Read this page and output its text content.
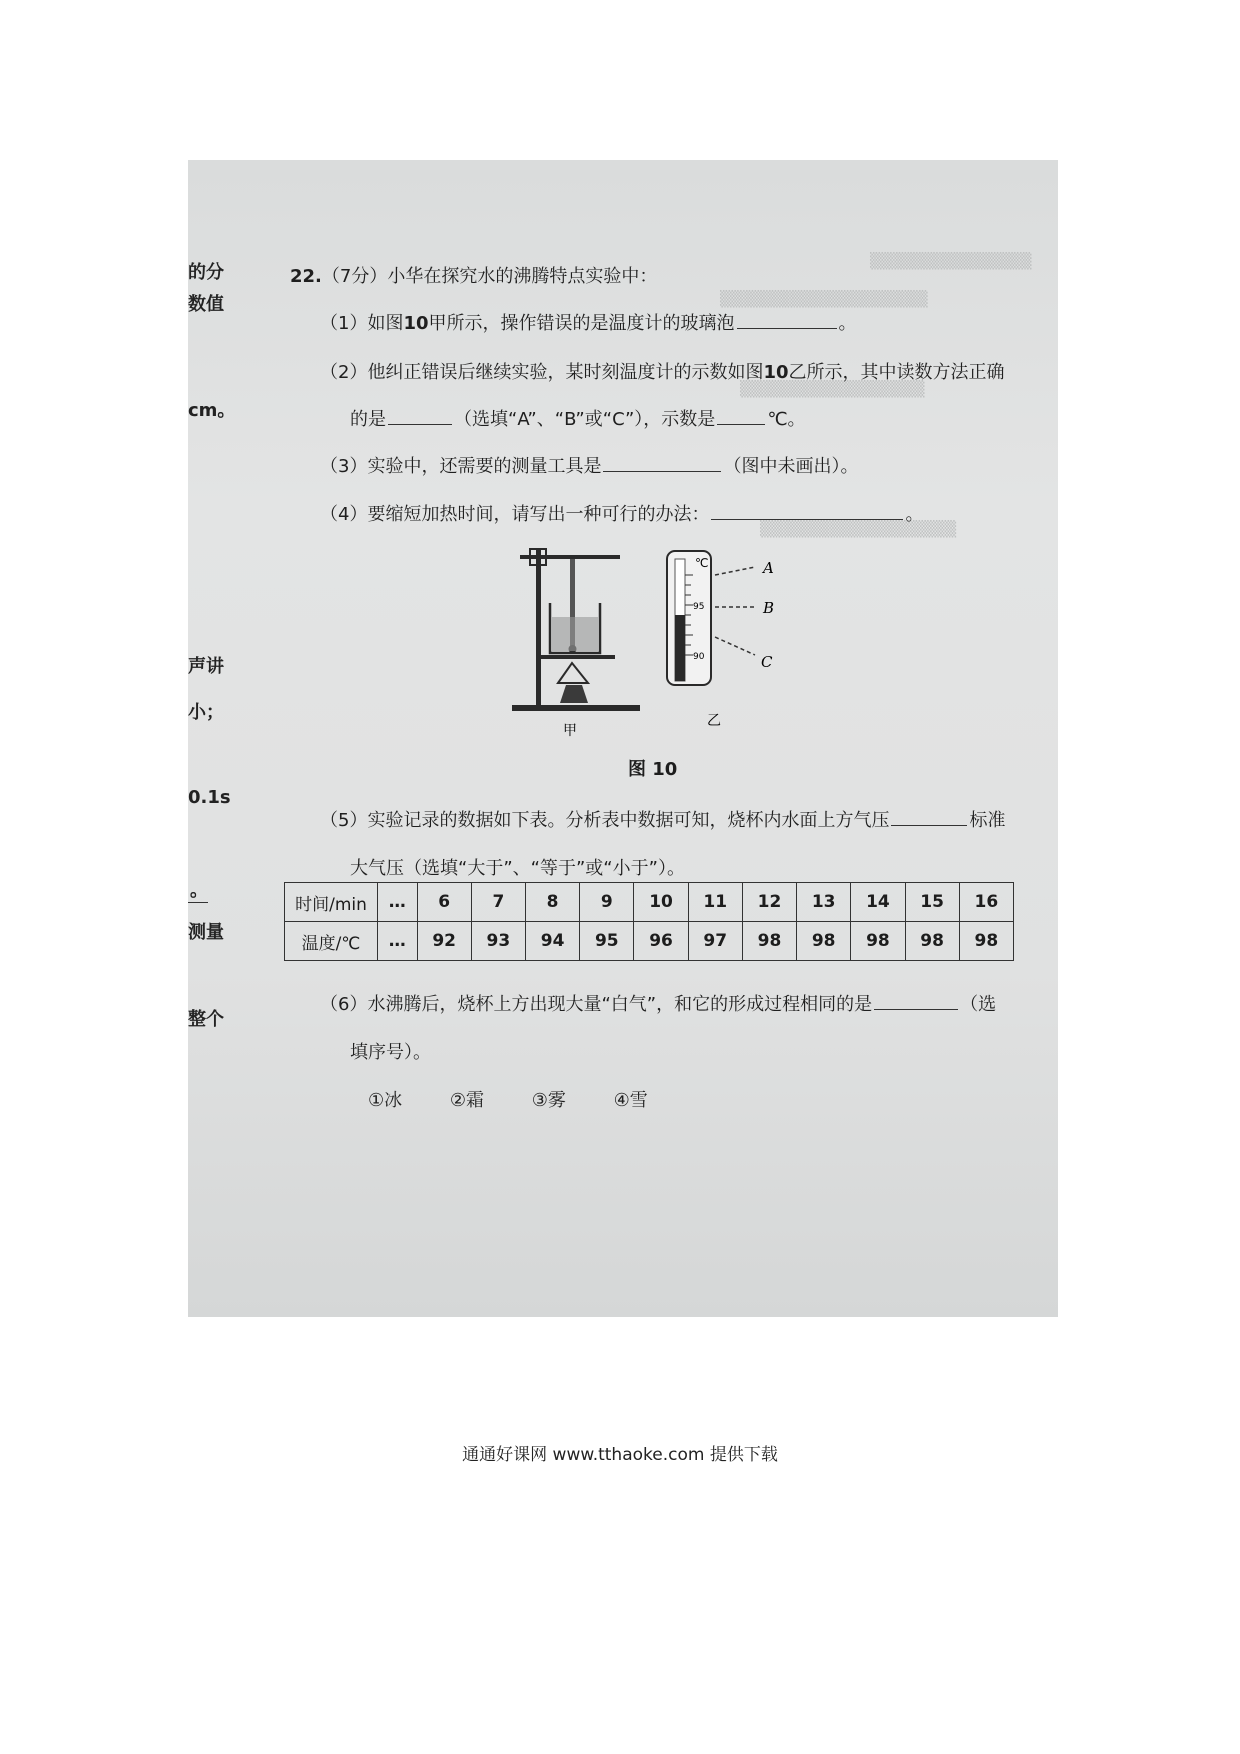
▒▒▒▒▒▒▒▒▒▒▒▒▒▒
▒▒▒▒▒▒▒▒▒▒▒▒▒▒▒▒▒▒
▒▒▒▒▒▒▒▒▒▒▒▒▒▒▒▒
▒▒▒▒▒▒▒▒▒▒▒▒▒▒▒▒▒
的分
数值
cm。
声讲
小；
0.1s
。
测量
整个
22.（7分）小华在探究水的沸腾特点实验中：
（1）如图10甲所示，操作错误的是温度计的玻璃泡	。
（2）他纠正错误后继续实验，某时刻温度计的示数如图10乙所示，其中读数方法正确
的是	（选填“A”、“B”或“C”），示数是	℃。
（3）实验中，还需要的测量工具是	（图中未画出）。
（4）要缩短加热时间，请写出一种可行的办法：	。
甲
℃
95
90
A
B
C
乙
图 10
（5）实验记录的数据如下表。分析表中数据可知，烧杯内水面上方气压	标准
大气压（选填“大于”、“等于”或“小于”）。
时间/min	…	6	7	8	9	10	11	12	13	14	15	16
温度/℃	…	92	93	94	95	96	97	98	98	98	98	98
（6）水沸腾后，烧杯上方出现大量“白气”，和它的形成过程相同的是	（选
填序号）。
①冰	②霜	③雾	④雪
通通好课网 www.tthaoke.com 提供下载
